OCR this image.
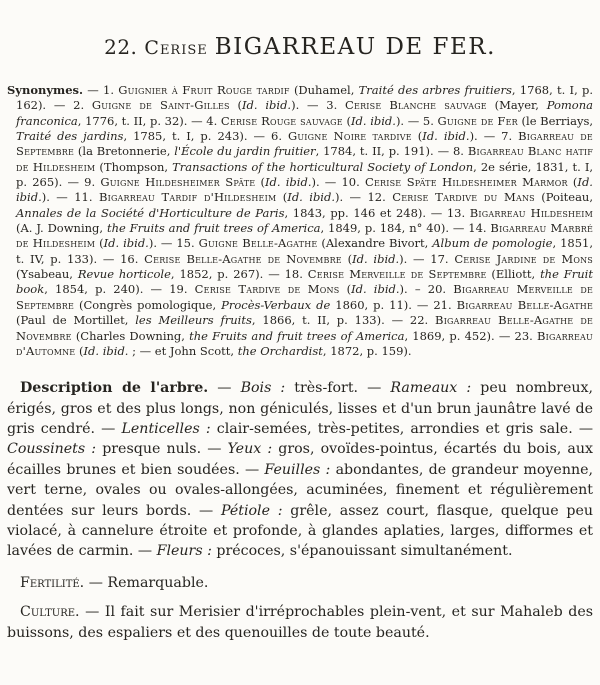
22. Cerise BIGARREAU DE FER.

Synonymes. — 1. Guignier à Fruit Rouge tardif (Duhamel, Traité des arbres fruitiers, 1768, t. I, p. 162). — 2. Guigne de Saint-Gilles (Id. ibid.). — 3. Cerise Blanche sauvage (Mayer, Pomona franconica, 1776, t. II, p. 32). — 4. Cerise Rouge sauvage (Id. ibid.). — 5. Guigne de Fer (le Berriays, Traité des jardins, 1785, t. I, p. 243). — 6. Guigne Noire tardive (Id. ibid.). — 7. Bigarreau de Septembre (la Bretonnerie, l'École du jardin fruitier, 1784, t. II, p. 191). — 8. Bigarreau Blanc hatif de Hildesheim (Thompson, Transactions of the horticultural Society of London, 2e série, 1831, t. I, p. 265). — 9. Guigne Hildesheimer Späte (Id. ibid.). — 10. Cerise Späte Hildesheimer Marmor (Id. ibid.). — 11. Bigarreau Tardif d'Hildesheim (Id. ibid.). — 12. Cerise Tardive du Mans (Poiteau, Annales de la Société d'Horticulture de Paris, 1843, pp. 146 et 248). — 13. Bigarreau Hildesheim (A. J. Downing, the Fruits and fruit trees of America, 1849, p. 184, n° 40). — 14. Bigarreau Marbré de Hildesheim (Id. ibid.). — 15. Guigne Belle-Agathe (Alexandre Bivort, Album de pomologie, 1851, t. IV, p. 133). — 16. Cerise Belle-Agathe de Novembre (Id. ibid.). — 17. Cerise Jardine de Mons (Ysabeau, Revue horticole, 1852, p. 267). — 18. Cerise Merveille de Septembre (Elliott, the Fruit book, 1854, p. 240). — 19. Cerise Tardive de Mons (Id. ibid.). – 20. Bigarreau Merveille de Septembre (Congrès pomologique, Procès-Verbaux de 1860, p. 11). — 21. Bigarreau Belle-Agathe (Paul de Mortillet, les Meilleurs fruits, 1866, t. II, p. 133). — 22. Bigarreau Belle-Agathe de Novembre (Charles Downing, the Fruits and fruit trees of America, 1869, p. 452). — 23. Bigarreau d'Automne (Id. ibid. ; — et John Scott, the Orchardist, 1872, p. 159).

Description de l'arbre. — Bois : très-fort. — Rameaux : peu nombreux, érigés, gros et des plus longs, non géniculés, lisses et d'un brun jaunâtre lavé de gris cendré. — Lenticelles : clair-semées, très-petites, arrondies et gris sale. — Coussinets : presque nuls. — Yeux : gros, ovoïdes-pointus, écartés du bois, aux écailles brunes et bien soudées. — Feuilles : abondantes, de grandeur moyenne, vert terne, ovales ou ovales-allongées, acuminées, finement et régulièrement dentées sur leurs bords. — Pétiole : grêle, assez court, flasque, quelque peu violacé, à cannelure étroite et profonde, à glandes aplaties, larges, difformes et lavées de carmin. — Fleurs : précoces, s'épanouissant simultanément.

Fertilité. — Remarquable.

Culture. — Il fait sur Merisier d'irréprochables plein-vent, et sur Mahaleb des buissons, des espaliers et des quenouilles de toute beauté.
